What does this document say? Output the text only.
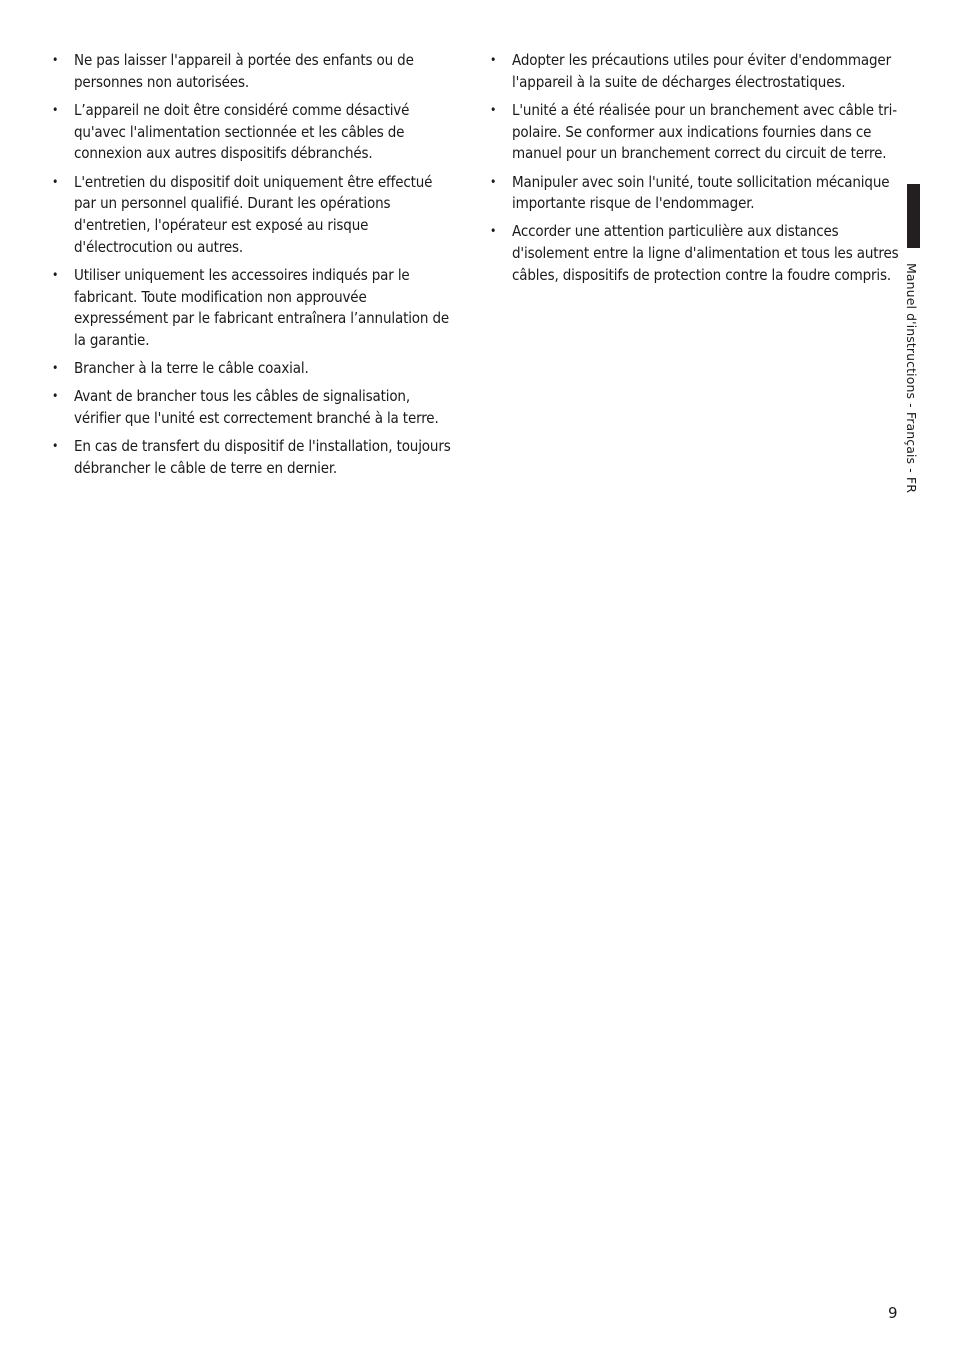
• Ne pas laisser l'appareil à portée des enfants ou de personnes non autorisées.
• L’appareil ne doit être considéré comme désactivé qu'avec l'alimentation sectionnée et les câbles de connexion aux autres dispositifs débranchés.
• L'entretien du dispositif doit uniquement être effectué par un personnel qualifié. Durant les opérations d'entretien, l'opérateur est exposé au risque d'électrocution ou autres.
• Utiliser uniquement les accessoires indiqués par le fabricant. Toute modification non approuvée expressément par le fabricant entraînera l’annulation de la garantie.
• Brancher à la terre le câble coaxial.
• Avant de brancher tous les câbles de signalisation, vérifier que l'unité est correctement branché à la terre.
• En cas de transfert du dispositif de l'installation, toujours débrancher le câble de terre en dernier.
• Adopter les précautions utiles pour éviter d'endommager l'appareil à la suite de décharges électrostatiques.
• L'unité a été réalisée pour un branchement avec câble tri-polaire. Se conformer aux indications fournies dans ce manuel pour un branchement correct du circuit de terre.
• Manipuler avec soin l'unité, toute sollicitation mécanique importante risque de l'endommager.
• Accorder une attention particulière aux distances d'isolement entre la ligne d'alimentation et tous les autres câbles, dispositifs de protection contre la foudre compris.	Manuel d'instructions - Français - FR
9
